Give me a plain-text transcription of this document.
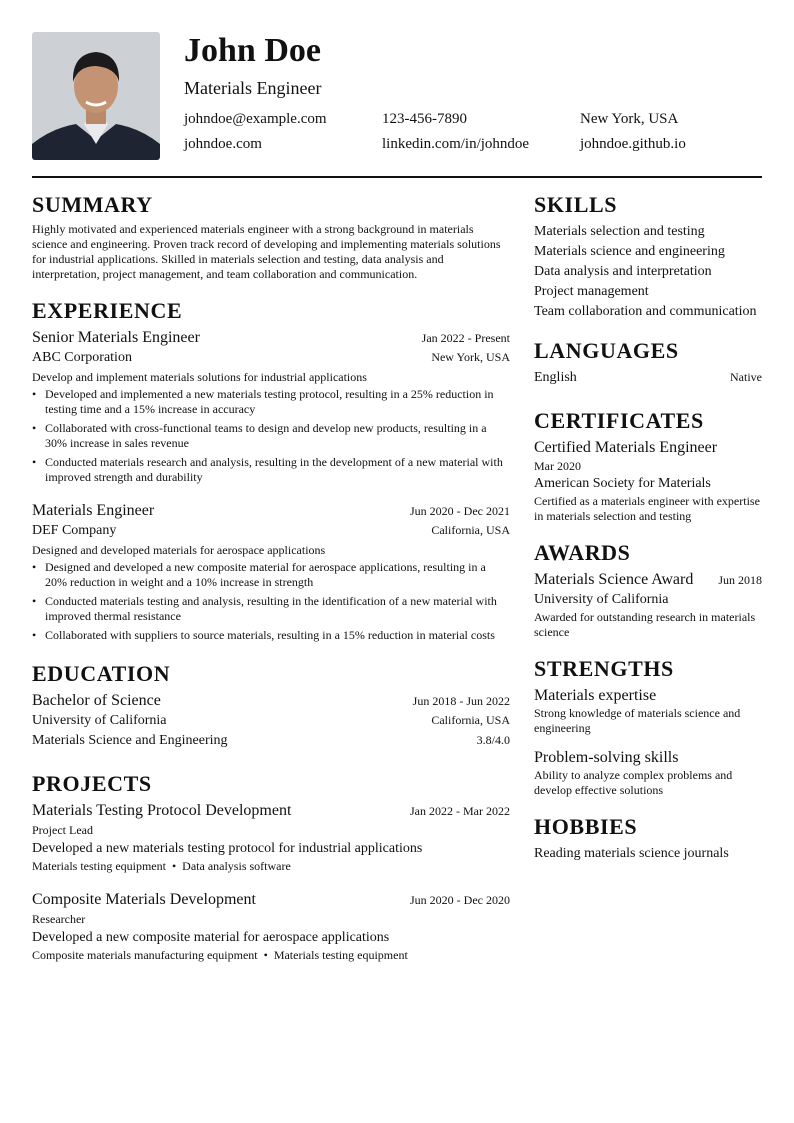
John Doe
Materials Engineer
johndoe@example.com	123-456-7890	New York, USA
johndoe.com	linkedin.com/in/johndoe	johndoe.github.io
SUMMARY

Highly motivated and experienced materials engineer with a strong background in materials science and engineering. Proven track record of developing and implementing materials solutions for industrial applications. Skilled in materials selection and testing, data analysis and interpretation, project management, and team collaboration and communication.

EXPERIENCE
Senior Materials Engineer	Jan 2022 - Present
ABC Corporation	New York, USA
Develop and implement materials solutions for industrial applications
• Developed and implemented a new materials testing protocol, resulting in a 25% reduction in testing time and a 15% increase in accuracy
• Collaborated with cross-functional teams to design and develop new products, resulting in a 30% increase in sales revenue
• Conducted materials research and analysis, resulting in the development of a new material with improved strength and durability
Materials Engineer	Jun 2020 - Dec 2021
DEF Company	California, USA
Designed and developed materials for aerospace applications
• Designed and developed a new composite material for aerospace applications, resulting in a 20% reduction in weight and a 10% increase in strength
• Conducted materials testing and analysis, resulting in the identification of a new material with improved thermal resistance
• Collaborated with suppliers to source materials, resulting in a 15% reduction in material costs
EDUCATION
Bachelor of Science	Jun 2018 - Jun 2022
University of California	California, USA
Materials Science and Engineering	3.8/4.0
PROJECTS
Materials Testing Protocol Development	Jan 2022 - Mar 2022
Project Lead
Developed a new materials testing protocol for industrial applications
Materials testing equipment • Data analysis software
Composite Materials Development	Jun 2020 - Dec 2020
Researcher
Developed a new composite material for aerospace applications
Composite materials manufacturing equipment • Materials testing equipment
SKILLS
Materials selection and testing
Materials science and engineering
Data analysis and interpretation
Project management
Team collaboration and communication
LANGUAGES
English	Native
CERTIFICATES
Certified Materials Engineer
Mar 2020
American Society for Materials
Certified as a materials engineer with expertise in materials selection and testing
AWARDS
Materials Science Award Jun 2018
University of California
Awarded for outstanding research in materials science
STRENGTHS
Materials expertise
Strong knowledge of materials science and engineering
Problem-solving skills
Ability to analyze complex problems and develop effective solutions
HOBBIES
Reading materials science journals
